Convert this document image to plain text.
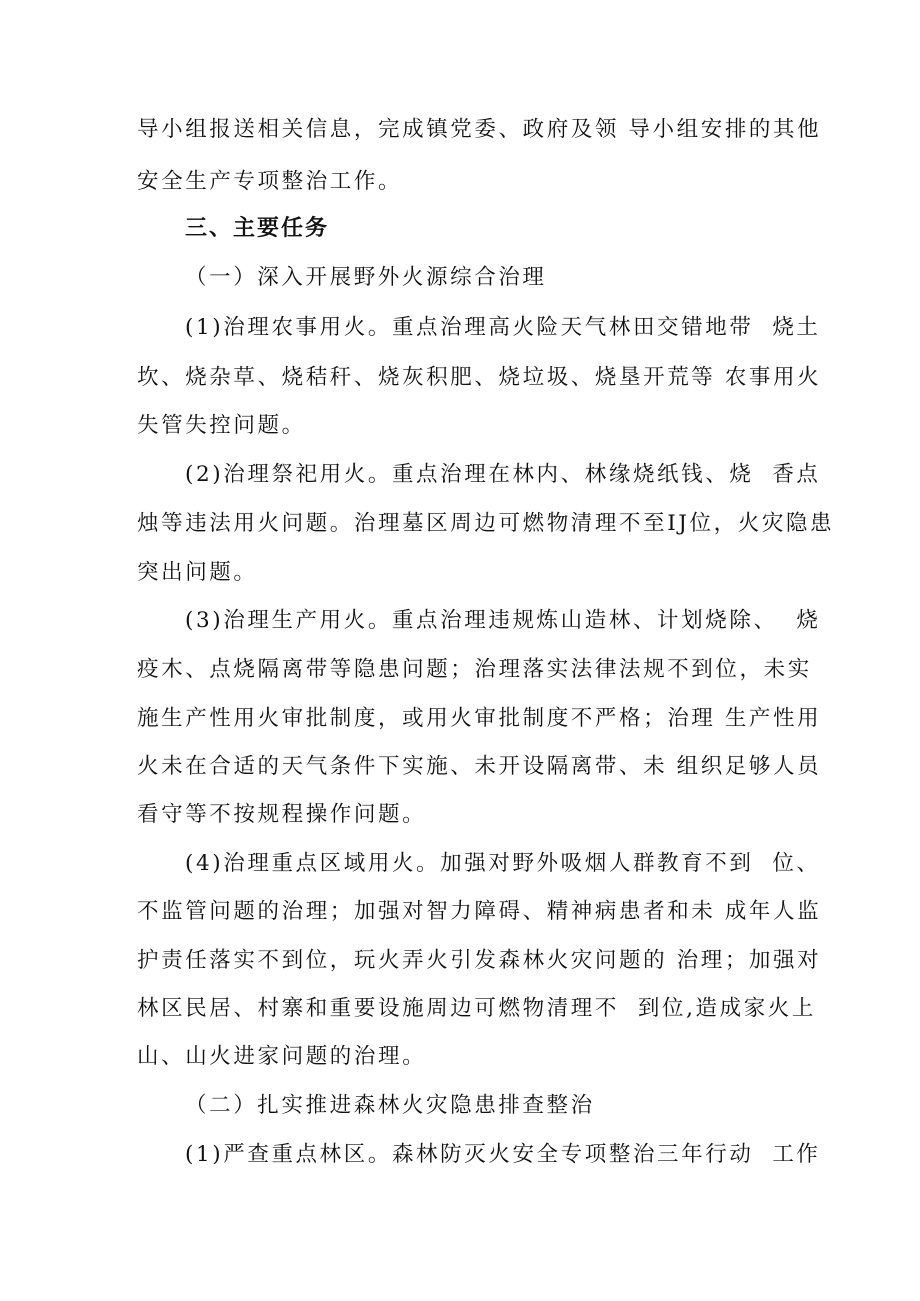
导小组报送相关信息，完成镇党委、政府及领 导小组安排的其他
安全生产专项整治工作。
三、主要任务
（一）深入开展野外火源综合治理
(1)治理农事用火。重点治理高火险天气林田交错地带  烧土
坎、烧杂草、烧秸秆、烧灰积肥、烧垃圾、烧垦开荒等 农事用火
失管失控问题。
(2)治理祭祀用火。重点治理在林内、林缘烧纸钱、烧  香点
烛等违法用火问题。治理墓区周边可燃物清理不至IJ位，火灾隐患
突出问题。
(3)治理生产用火。重点治理违规炼山造林、计划烧除、  烧
疫木、点烧隔离带等隐患问题；治理落实法律法规不到位，未实
施生产性用火审批制度，或用火审批制度不严格；治理 生产性用
火未在合适的天气条件下实施、未开设隔离带、未 组织足够人员
看守等不按规程操作问题。
(4)治理重点区域用火。加强对野外吸烟人群教育不到  位、
不监管问题的治理；加强对智力障碍、精神病患者和未 成年人监
护责任落实不到位，玩火弄火引发森林火灾问题的 治理；加强对
林区民居、村寨和重要设施周边可燃物清理不  到位,造成家火上
山、山火进家问题的治理。
（二）扎实推进森林火灾隐患排查整治
(1)严查重点林区。森林防灭火安全专项整治三年行动  工作
